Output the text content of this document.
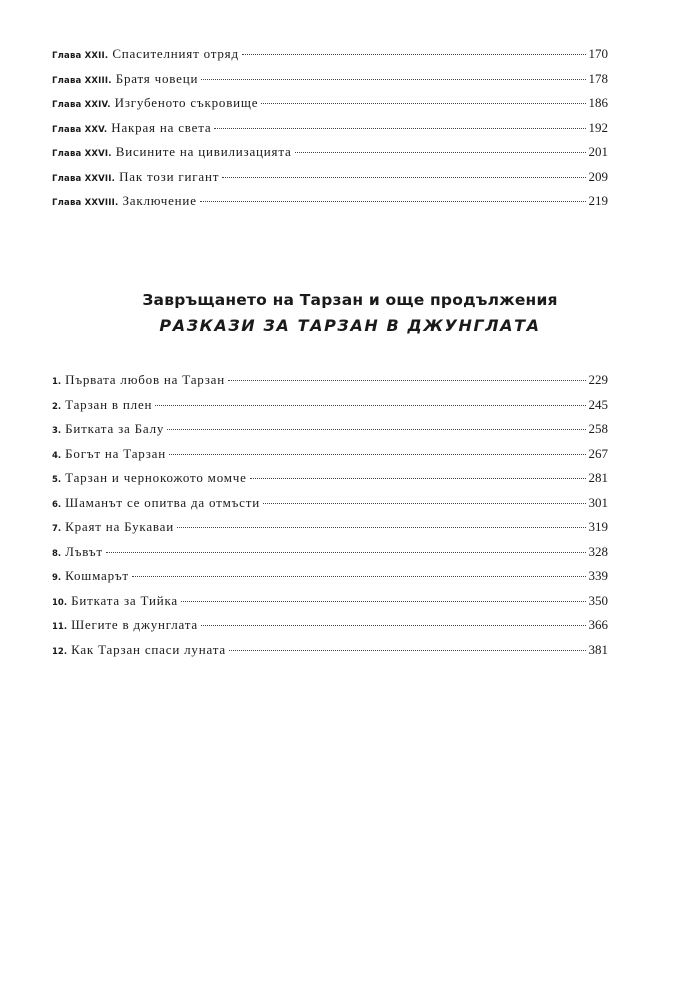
Глава XXII. Спасителният отряд	170
Глава XXIII. Братя човеци	178
Глава XXIV. Изгубеното съкровище	186
Глава XXV. Накрая на света	192
Глава XXVI. Висините на цивилизацията	201
Глава XXVII. Пак този гигант	209
Глава XXVIII. Заключение	219
Завръщането на Тарзан и още продължения
РАЗКАЗИ ЗА ТАРЗАН В ДЖУНГЛАТА
1. Първата любов на Тарзан	229
2. Тарзан в плен	245
3. Битката за Балу	258
4. Богът на Тарзан	267
5. Тарзан и чернокожото момче	281
6. Шаманът се опитва да отмъсти	301
7. Краят на Букаваи	319
8. Лъвът	328
9. Кошмарът	339
10. Битката за Тийка	350
11. Шегите в джунглата	366
12. Как Тарзан спаси луната	381
